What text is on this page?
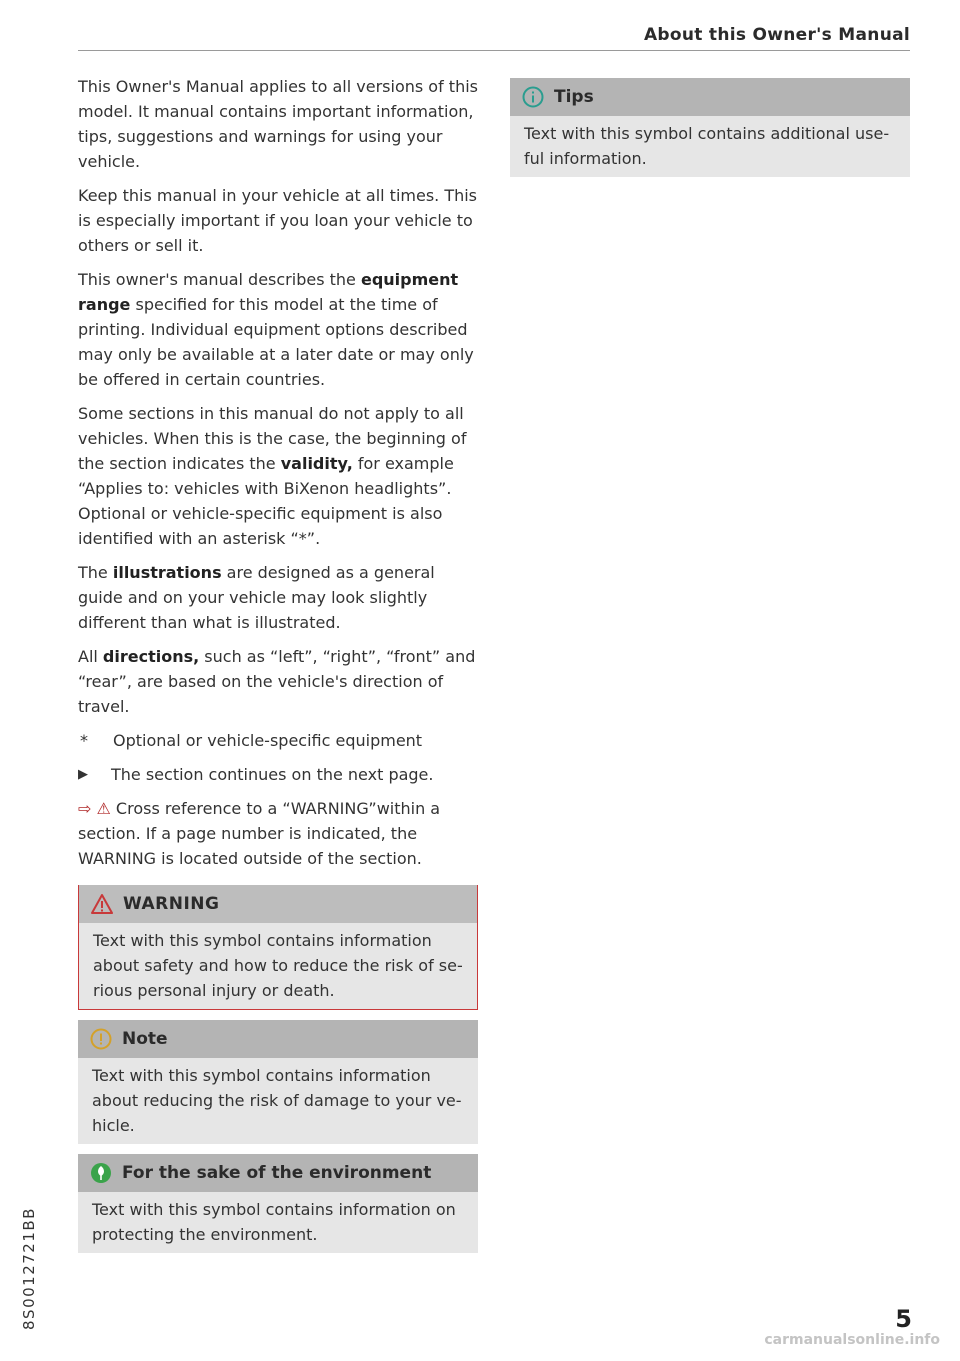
About this Owner's Manual

This Owner's Manual applies to all versions of this model. It manual contains important information, tips, suggestions and warnings for using your vehicle.

Keep this manual in your vehicle at all times. This is especially important if you loan your vehicle to others or sell it.

This owner's manual describes the equipment range specified for this model at the time of printing. Individual equipment options described may only be available at a later date or may only be offered in certain countries.

Some sections in this manual do not apply to all vehicles. When this is the case, the beginning of the section indicates the validity, for example “Applies to: vehicles with BiXenon headlights”. Optional or vehicle-specific equipment is also identified with an asterisk “*”.

The illustrations are designed as a general guide and on your vehicle may look slightly different than what is illustrated.

All directions, such as “left”, “right”, “front” and “rear”, are based on the vehicle's direction of travel.

*	Optional or vehicle-specific equipment
▶	The section continues on the next page.
⇨ ⚠ Cross reference to a “WARNING”within a section. If a page number is indicated, the WARNING is located outside of the section.
WARNING
Text with this symbol contains information about safety and how to reduce the risk of serious personal injury or death.
Note
Text with this symbol contains information about reducing the risk of damage to your vehicle.
For the sake of the environment
Text with this symbol contains information on protecting the environment.
Tips
Text with this symbol contains additional useful information.
8S0012721BB	5
carmanualsonline.info
